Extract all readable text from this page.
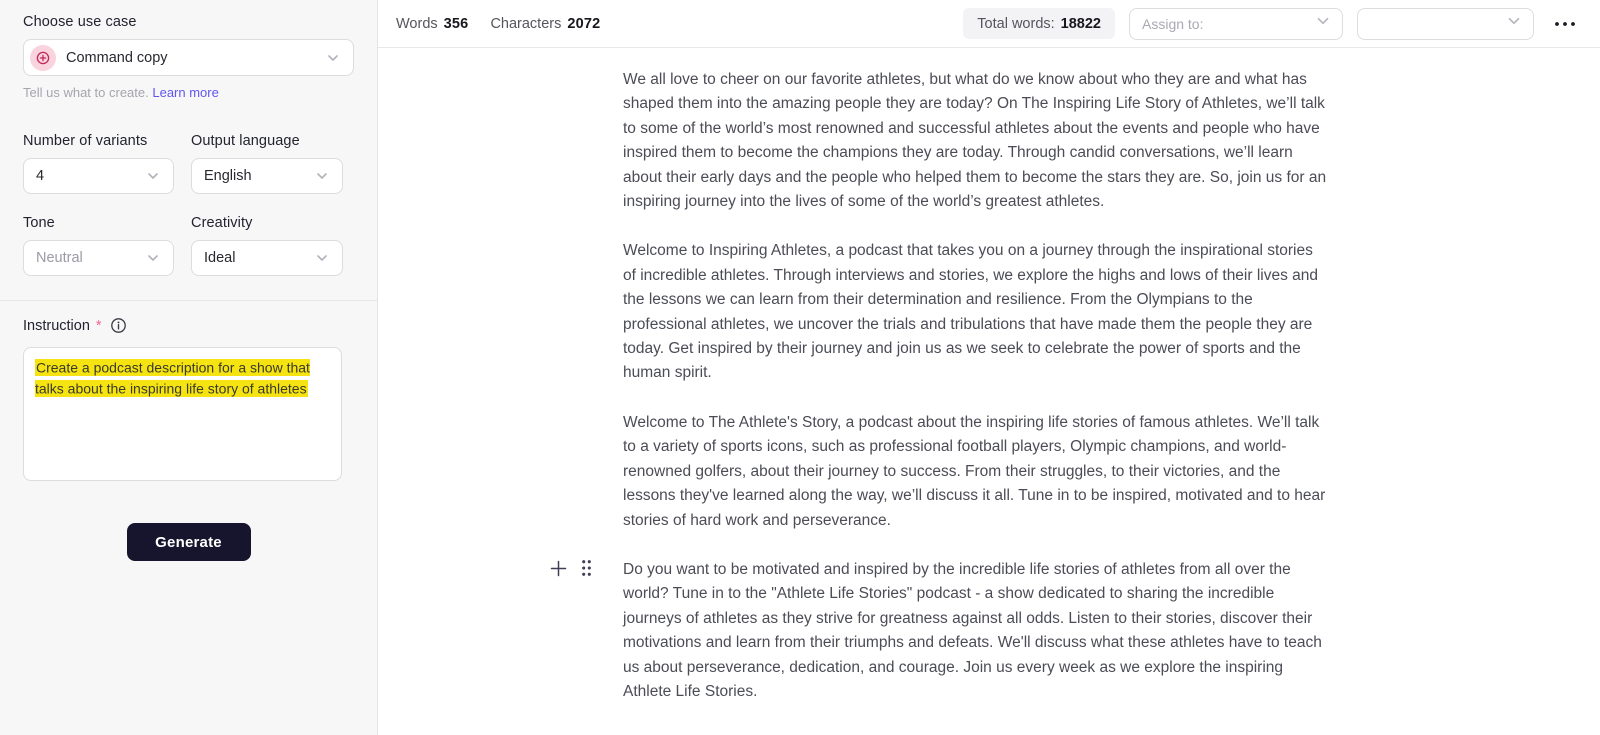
Choose use case
Command copy

Tell us what to create. Learn more

Number of variants
4
Output language
English
Tone
Neutral
Creativity
Ideal
Instruction *
Create a podcast description for a show that talks about the inspiring life story of athletes
Generate
Words 356 Characters 2072	Total words: 18822	Assign to:

We all love to cheer on our favorite athletes, but what do we know about who they are and what has shaped them into the amazing people they are today? On The Inspiring Life Story of Athletes, we’ll talk to some of the world’s most renowned and successful athletes about the events and people who have inspired them to become the champions they are today. Through candid conversations, we’ll learn about their early days and the people who helped them to become the stars they are. So, join us for an inspiring journey into the lives of some of the world’s greatest athletes.

Welcome to Inspiring Athletes, a podcast that takes you on a journey through the inspirational stories of incredible athletes. Through interviews and stories, we explore the highs and lows of their lives and the lessons we can learn from their determination and resilience. From the Olympians to the professional athletes, we uncover the trials and tribulations that have made them the people they are today. Get inspired by their journey and join us as we seek to celebrate the power of sports and the human spirit.

Welcome to The Athlete's Story, a podcast about the inspiring life stories of famous athletes. We’ll talk to a variety of sports icons, such as professional football players, Olympic champions, and world-renowned golfers, about their journey to success. From their struggles, to their victories, and the lessons they've learned along the way, we’ll discuss it all. Tune in to be inspired, motivated and to hear stories of hard work and perseverance.

Do you want to be motivated and inspired by the incredible life stories of athletes from all over the world? Tune in to the "Athlete Life Stories" podcast - a show dedicated to sharing the incredible journeys of athletes as they strive for greatness against all odds. Listen to their stories, discover their motivations and learn from their triumphs and defeats. We'll discuss what these athletes have to teach us about perseverance, dedication, and courage. Join us every week as we explore the inspiring Athlete Life Stories.
